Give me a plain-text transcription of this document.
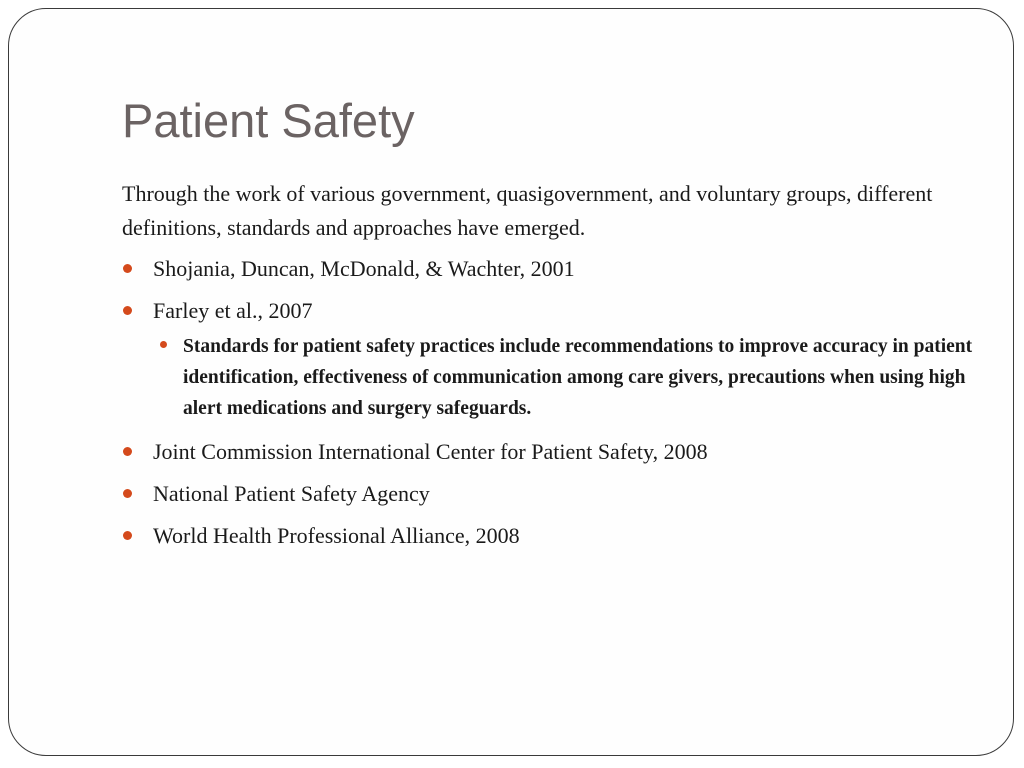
Patient Safety

Through the work of various government, quasigovernment, and voluntary groups, different definitions, standards and approaches have emerged.

Shojania, Duncan, McDonald, & Wachter, 2001
Farley et al., 2007
Standards for patient safety practices include recommendations to improve accuracy in patient identification, effectiveness of communication among care givers, precautions when using high alert medications and surgery safeguards.
Joint Commission International Center for Patient Safety, 2008
National Patient Safety Agency
World Health Professional Alliance, 2008
